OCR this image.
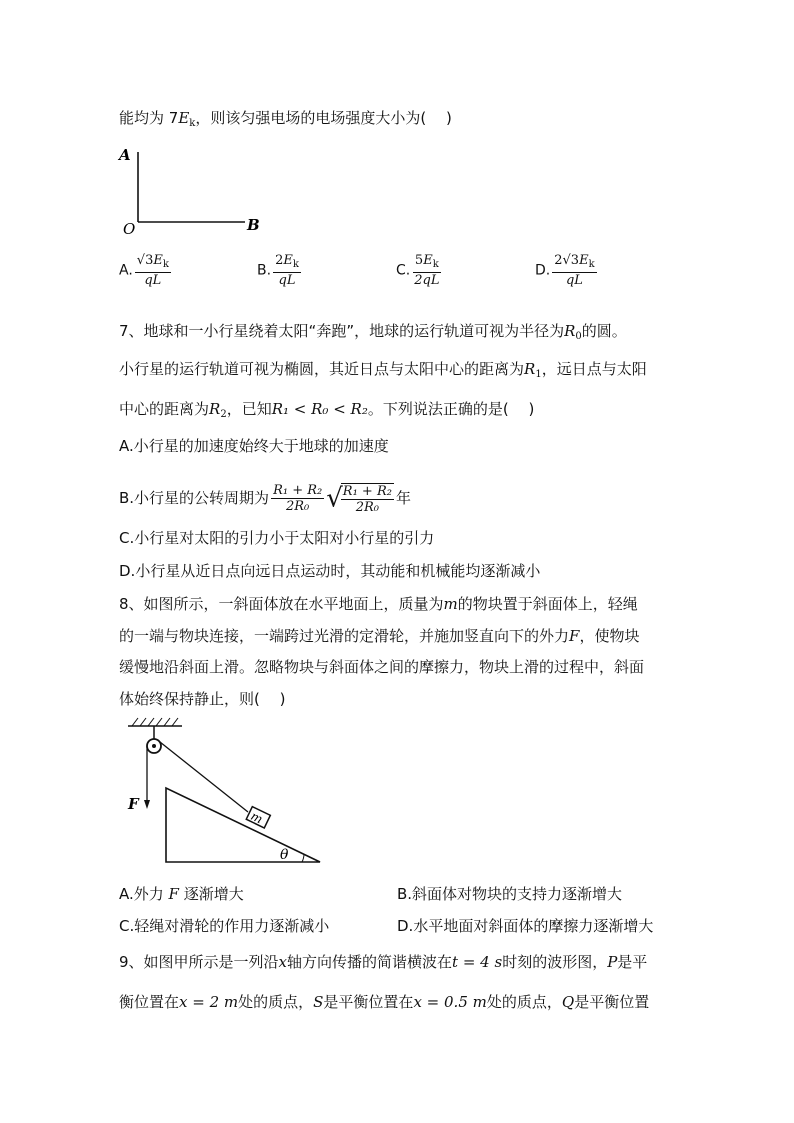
能均为 $7E_k$，则该匀强电场的电场强度大小为(　 )
A
O	B
A. $\frac{√3E_k}{qL}$	B. $\frac{2E_k}{qL}$	C. $\frac{5E_k}{2qL}$	D. $\frac{2√3E_k}{qL}$
7、地球和一小行星绕着太阳“奔跑”，地球的运行轨道可视为半径为$R_0$的圆。
小行星的运行轨道可视为椭圆，其近日点与太阳中心的距离为$R_1$，远日点与太阳
中心的距离为$R_2$，已知R₁ < R₀ < R₂。下列说法正确的是(　 )
A.小行星的加速度始终大于地球的加速度
B.小行星的公转周期为 $\frac{\text{R₁ + R₂}}{\text{2R₀}}$ √
$\frac{\text{R₁ + R₂}}{\text{2R₀}}$ 年
C.小行星对太阳的引力小于太阳对小行星的引力
D.小行星从近日点向远日点运动时，其动能和机械能均逐渐减小
8、如图所示，一斜面体放在水平地面上，质量为m的物块置于斜面体上，轻绳
的一端与物块连接，一端跨过光滑的定滑轮，并施加竖直向下的外力F，使物块
缓慢地沿斜面上滑。忽略物块与斜面体之间的摩擦力，物块上滑的过程中，斜面
体始终保持静止，则(　 )
F
m
θ
A.外力 F 逐渐增大	B.斜面体对物块的支持力逐渐增大
C.轻绳对滑轮的作用力逐渐减小	D.水平地面对斜面体的摩擦力逐渐增大
9、如图甲所示是一列沿x轴方向传播的简谐横波在t = 4 s时刻的波形图，P是平
衡位置在x = 2 m处的质点，S是平衡位置在x = 0.5 m处的质点，Q是平衡位置
